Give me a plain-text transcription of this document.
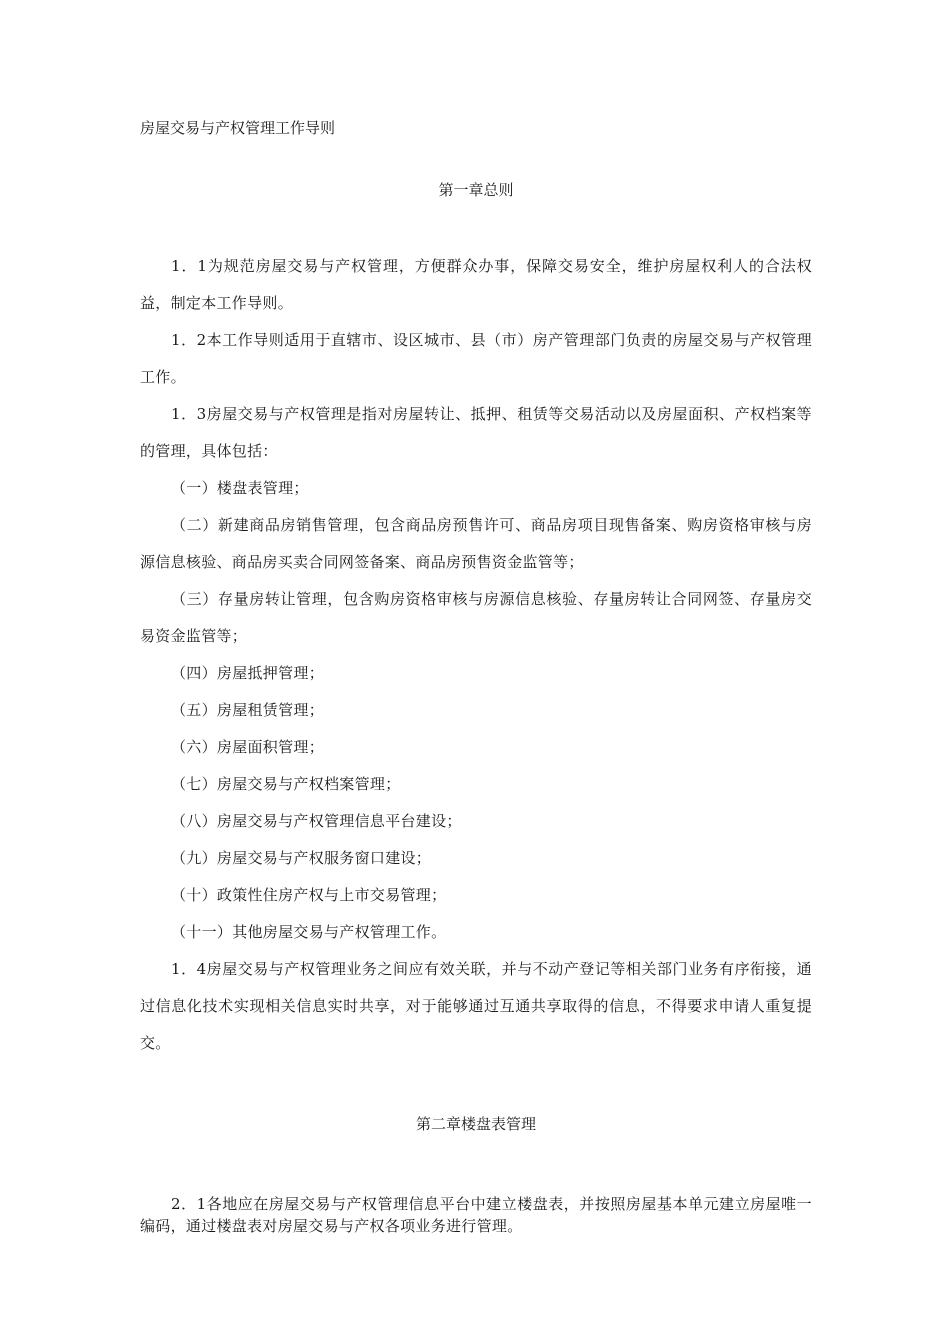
房屋交易与产权管理工作导则
第一章总则

1．1为规范房屋交易与产权管理，方便群众办事，保障交易安全，维护房屋权利人的合法权益，制定本工作导则。

1．2本工作导则适用于直辖市、设区城市、县（市）房产管理部门负责的房屋交易与产权管理工作。

1．3房屋交易与产权管理是指对房屋转让、抵押、租赁等交易活动以及房屋面积、产权档案等的管理，具体包括：

（一）楼盘表管理；

（二）新建商品房销售管理，包含商品房预售许可、商品房项目现售备案、购房资格审核与房源信息核验、商品房买卖合同网签备案、商品房预售资金监管等；

（三）存量房转让管理，包含购房资格审核与房源信息核验、存量房转让合同网签、存量房交易资金监管等；

（四）房屋抵押管理；

（五）房屋租赁管理；

（六）房屋面积管理；

（七）房屋交易与产权档案管理；

（八）房屋交易与产权管理信息平台建设；

（九）房屋交易与产权服务窗口建设；

（十）政策性住房产权与上市交易管理；

（十一）其他房屋交易与产权管理工作。

1．4房屋交易与产权管理业务之间应有效关联，并与不动产登记等相关部门业务有序衔接，通过信息化技术实现相关信息实时共享，对于能够通过互通共享取得的信息，不得要求申请人重复提交。

第二章楼盘表管理

2．1各地应在房屋交易与产权管理信息平台中建立楼盘表，并按照房屋基本单元建立房屋唯一编码，通过楼盘表对房屋交易与产权各项业务进行管理。
